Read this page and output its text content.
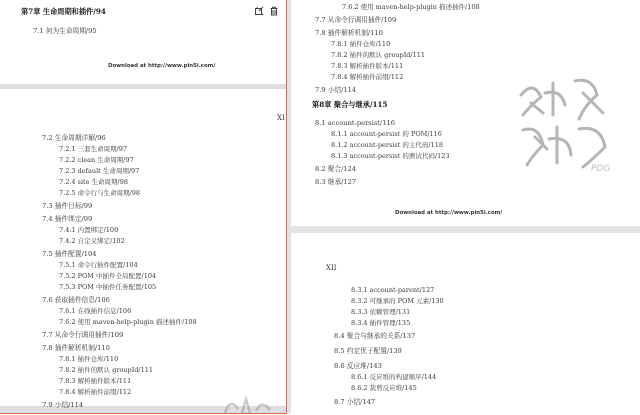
第7章 生命周期和插件/94
7.1 何为生命周期/95
Download at http://www.pin5i.com/
7.2 生命周期详解/96
7.2.1 三套生命周期/97
7.2.2 clean 生命周期/97
7.2.3 default 生命周期/97
7.2.4 site 生命周期/98
7.2.5 命令行与生命周期/98
7.3 插件目标/99
7.4 插件绑定/99
7.4.1 内置绑定/100
7.4.2 自定义绑定/102
7.5 插件配置/104
7.5.1 命令行插件配置/104
7.5.2 POM 中插件全局配置/104
7.5.3 POM 中插件任务配置/105
7.6 获取插件信息/106
7.6.1 在线插件信息/106
7.6.2 使用 maven-help-plugin 描述插件/108
7.7 从命令行调用插件/109
7.8 插件解析机制/110
7.8.1 插件仓库/110
7.8.2 插件的默认 groupId/111
7.8.3 解析插件版本/111
7.8.4 解析插件前缀/112
7.9 小结/114
7.6.2 使用 maven-help-plugin 描述插件/108
7.7 从命令行调用插件/109
7.8 插件解析机制/110
7.8.1 插件仓库/110
7.8.2 插件的默认 groupId/111
7.8.3 解析插件版本/111
7.8.4 解析插件前缀/112
7.9 小结/114
第8章 聚合与继承/115
8.1 account-persist/116
8.1.1 account-persist 的 POM/116
8.1.2 account-persist 的主代码/118
8.1.3 account-persist 的测试代码/123
8.2 聚合/124
8.3 继承/127
Download at http://www.pin5i.com/
XI
PDG
XII
8.3.1 account-parent/127
8.3.2 可继承的 POM 元素/130
8.3.3 依赖管理/131
8.3.4 插件管理/135
8.4 聚合与继承的关系/137
8.5 约定优于配置/139
8.6 反应堆/143
8.6.1 反应堆的构建顺序/144
8.6.2 裁剪反应堆/145
8.7 小结/147
